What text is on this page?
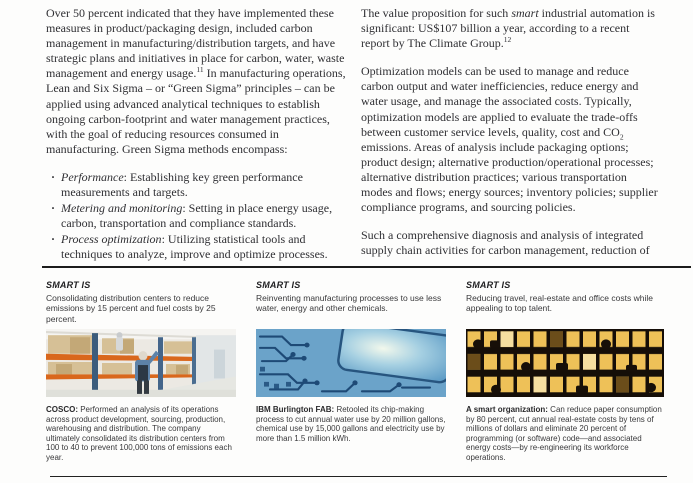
Over 50 percent indicated that they have implemented these measures in product/packaging design, included carbon management in manufacturing/distribution targets, and have strategic plans and initiatives in place for carbon, water, waste management and energy usage.$^{11}$ In manufacturing operations, Lean and Six Sigma – or “Green Sigma” principles – can be applied using advanced analytical techniques to establish ongoing carbon-footprint and water management practices, with the goal of reducing resources consumed in manufacturing. Green Sigma methods encompass:

· Performance: Establishing key green performance measurements and targets.
· Metering and monitoring: Setting in place energy usage, carbon, transportation and compliance standards.
· Process optimization: Utilizing statistical tools and techniques to analyze, improve and optimize processes.

The value proposition for such smart industrial automation is significant: US$107 billion a year, according to a recent report by The Climate Group.$^{12}$

Optimization models can be used to manage and reduce carbon output and water inefficiencies, reduce energy and water usage, and manage the associated costs. Typically, optimization models are applied to evaluate the trade-offs between customer service levels, quality, cost and $CO_2$ emissions. Areas of analysis include packaging options; product design; alternative production/operational processes; alternative distribution practices; various transportation modes and flows; energy sources; inventory policies; supplier compliance programs, and sourcing policies.

Such a comprehensive diagnosis and analysis of integrated supply chain activities for carbon management, reduction of

SMART IS
Consolidating distribution centers to reduce emissions by 15 percent and fuel costs by 25 percent.

COSCO: Performed an analysis of its operations across product development, sourcing, production, warehousing and distribution. The company ultimately consolidated its distribution centers from 100 to 40 to prevent 100,000 tons of emissions each year.

SMART IS
Reinventing manufacturing processes to use less water, energy and other chemicals.

IBM Burlington FAB: Retooled its chip-making process to cut annual water use by 20 million gallons, chemical use by 15,000 gallons and electricity use by more than 1.5 million kWh.

SMART IS
Reducing travel, real-estate and office costs while appealing to top talent.

A smart organization: Can reduce paper consumption by 80 percent, cut annual real-estate costs by tens of millions of dollars and eliminate 20 percent of programming (or software) code—and associated energy costs—by re-engineering its workforce operations.
